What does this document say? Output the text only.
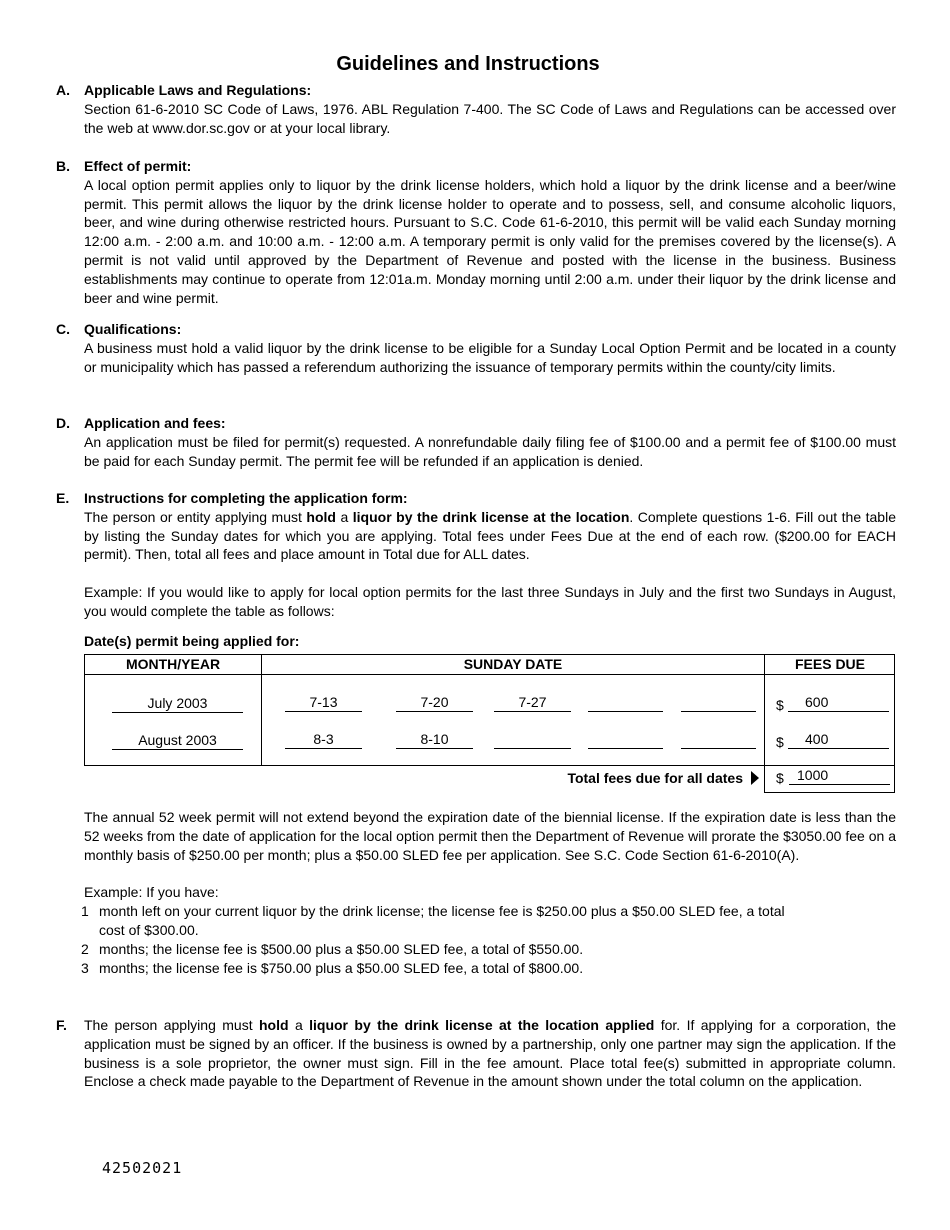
Guidelines and Instructions
A. Applicable Laws and Regulations:

Section 61-6-2010 SC Code of Laws, 1976. ABL Regulation 7-400. The SC Code of Laws and Regulations can be accessed over the web at www.dor.sc.gov or at your local library.

B. Effect of permit:

A local option permit applies only to liquor by the drink license holders, which hold a liquor by the drink license and a beer/wine permit. This permit allows the liquor by the drink license holder to operate and to possess, sell, and consume alcoholic liquors, beer, and wine during otherwise restricted hours. Pursuant to S.C. Code 61-6-2010, this permit will be valid each Sunday morning 12:00 a.m. - 2:00 a.m. and 10:00 a.m. - 12:00 a.m. A temporary permit is only valid for the premises covered by the license(s). A permit is not valid until approved by the Department of Revenue and posted with the license in the business. Business establishments may continue to operate from 12:01a.m. Monday morning until 2:00 a.m. under their liquor by the drink license and beer and wine permit.

C. Qualifications:

A business must hold a valid liquor by the drink license to be eligible for a Sunday Local Option Permit and be located in a county or municipality which has passed a referendum authorizing the issuance of temporary permits within the county/city limits.

D. Application and fees:

An application must be filed for permit(s) requested. A nonrefundable daily filing fee of $100.00 and a permit fee of $100.00 must be paid for each Sunday permit. The permit fee will be refunded if an application is denied.

E. Instructions for completing the application form:

The person or entity applying must hold a liquor by the drink license at the location. Complete questions 1-6. Fill out the table by listing the Sunday dates for which you are applying. Total fees under Fees Due at the end of each row. ($200.00 for EACH permit). Then, total all fees and place amount in Total due for ALL dates.

Example: If you would like to apply for local option permits for the last three Sundays in July and the first two Sundays in August, you would complete the table as follows:

Date(s) permit being applied for:
MONTH/YEAR	SUNDAY DATE	FEES DUE
July 2003	7-13	7-20	7-27	$	600
August 2003	8-3	8-10	$	400
Total fees due for all dates $ 1000

The annual 52 week permit will not extend beyond the expiration date of the biennial license. If the expiration date is less than the 52 weeks from the date of application for the local option permit then the Department of Revenue will prorate the $3050.00 fee on a monthly basis of $250.00 per month; plus a $50.00 SLED fee per application. See S.C. Code Section 61-6-2010(A).

Example: If you have:

1 month left on your current liquor by the drink license; the license fee is $250.00 plus a $50.00 SLED fee, a total
cost of $300.00.
2 months; the license fee is $500.00 plus a $50.00 SLED fee, a total of $550.00.
3 months; the license fee is $750.00 plus a $50.00 SLED fee, a total of $800.00.
F. The person applying must hold a liquor by the drink license at the location applied for. If applying for a corporation, the application must be signed by an officer. If the business is owned by a partnership, only one partner may sign the application. If the business is a sole proprietor, the owner must sign. Fill in the fee amount. Place total fee(s) submitted in appropriate column. Enclose a check made payable to the Department of Revenue in the amount shown under the total column on the application.

42502021
